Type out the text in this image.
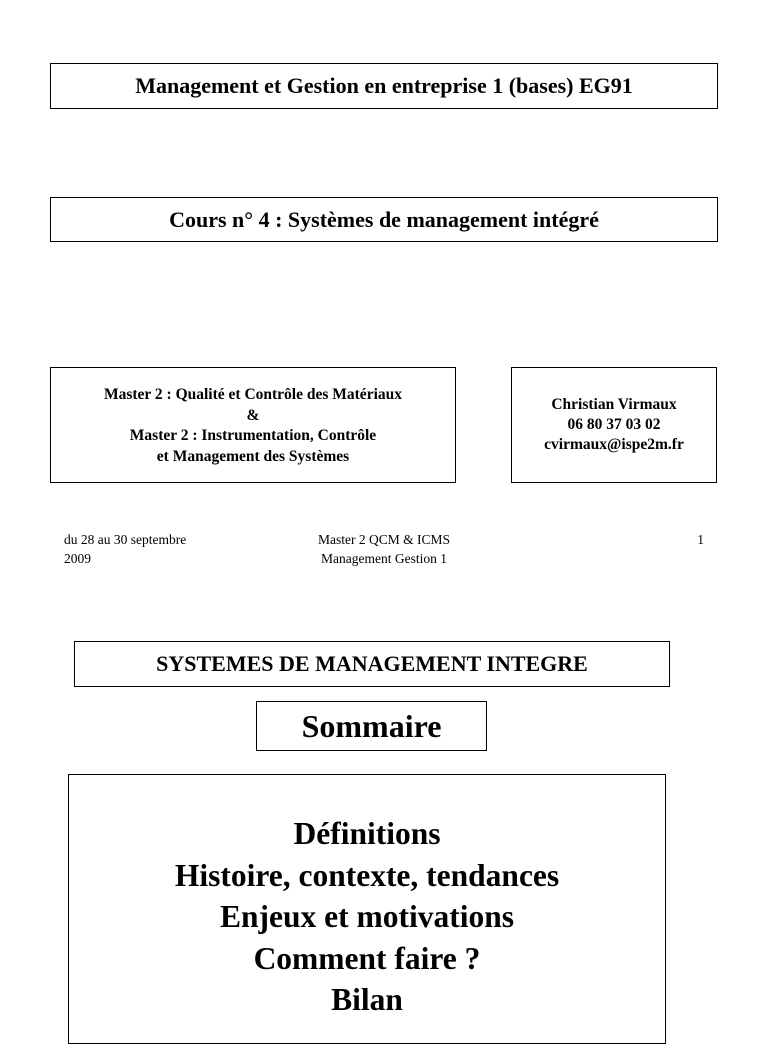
Management et Gestion en entreprise 1 (bases) EG91
Cours n° 4 : Systèmes de management intégré
Master 2 : Qualité et Contrôle des Matériaux
&
Master 2 : Instrumentation, Contrôle
et Management des Systèmes
Christian Virmaux
06 80 37 03 02
cvirmaux@ispe2m.fr
du 28 au 30 septembre
2009
Master 2 QCM & ICMS
Management Gestion 1
1
SYSTEMES DE MANAGEMENT INTEGRE
Sommaire
Définitions
Histoire, contexte, tendances
Enjeux et motivations
Comment faire ?
Bilan
